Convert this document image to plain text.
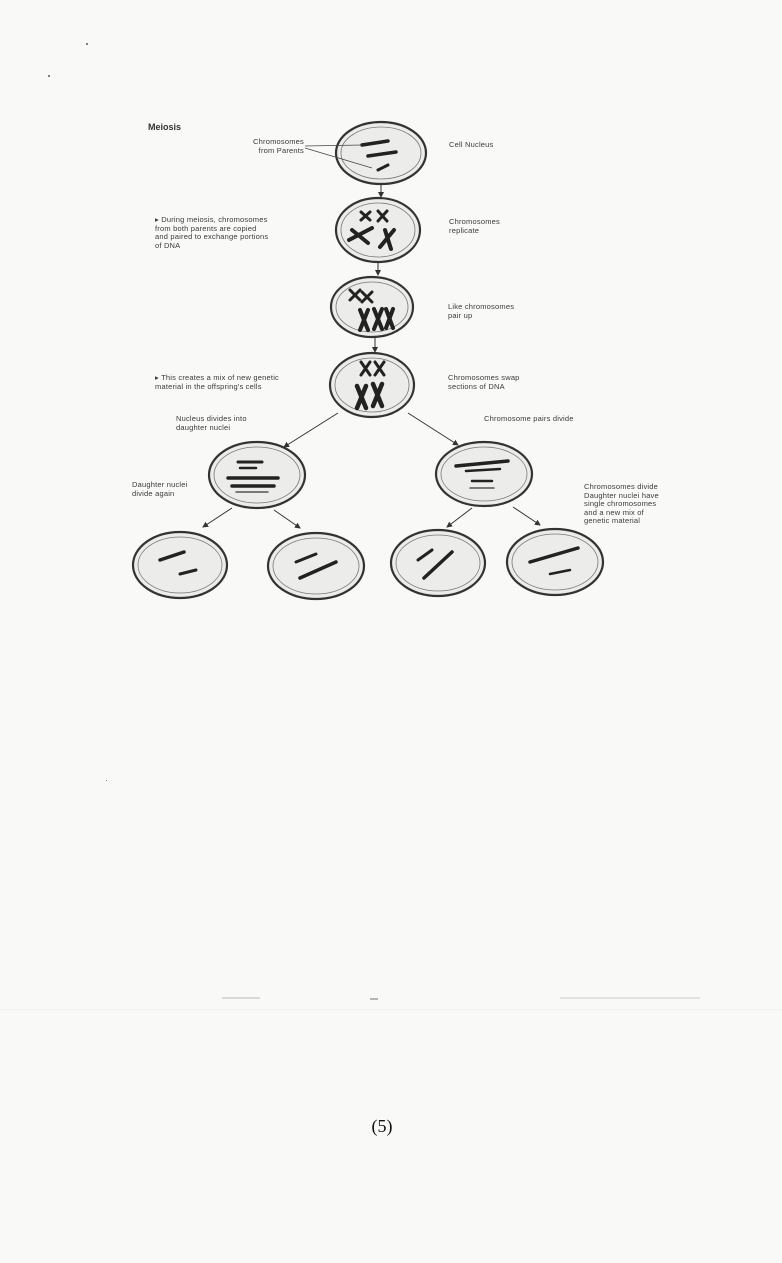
Meiosis
Chromosomes
from Parents
Cell Nucleus
▸ During meiosis, chromosomes
from both parents are copied
and paired to exchange portions
of DNA
Chromosomes
replicate
Like chromosomes
pair up
▸ This creates a mix of new genetic
material in the offspring's cells
Chromosomes swap
sections of DNA
Nucleus divides into
daughter nuclei
Chromosome pairs divide
Daughter nuclei
divide again
Chromosomes divide
Daughter nuclei have
single chromosomes
and a new mix of
genetic material
(5)
